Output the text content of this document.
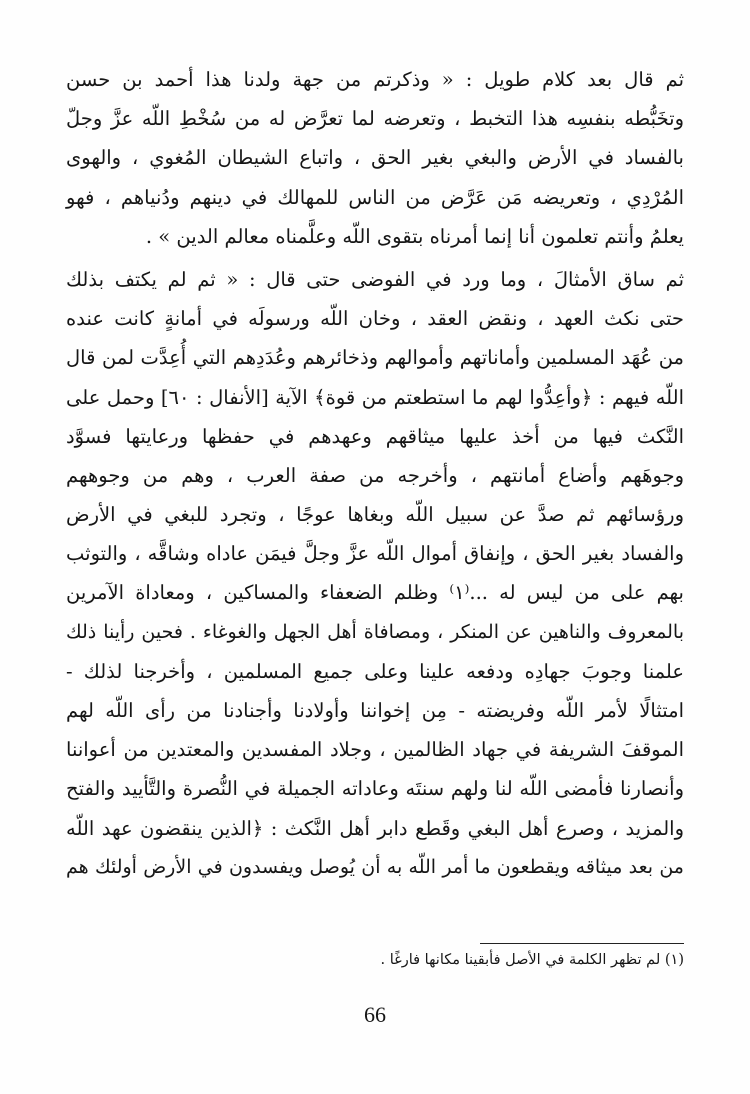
ثم قال بعد كلام طويل : « وذكرتم من جهة ولدنا هذا أحمد بن حسن
وتخَبُّطه بنفسِه هذا التخبط ، وتعرضه لما تعرَّض له من سُخْطِ اللّه عزَّ وجلّ
بالفساد في الأرض والبغي بغير الحق ، واتباع الشيطان المُغوي ، والهوى
المُرْدِي ، وتعريضه مَن عَرَّض من الناس للمهالك في دينهم ودُنياهم ، فهو
يعلمُ وأنتم تعلمون أنا إنما أمرناه بتقوى اللّه وعلَّمناه معالم الدين » .
ثم ساق الأمثالَ ، وما ورد في الفوضى حتى قال : « ثم لم يكتف بذلك
حتى نكث العهد ، ونقض العقد ، وخان اللّه ورسولَه في أمانةٍ كانت عنده
من عُهَد المسلمين وأماناتهم وأموالهم وذخائرهم وعُدَدِهم التي أُعِدَّت لمن قال
اللّه فيهم : ﴿وأعِدُّوا لهم ما استطعتم من قوة﴾ الآية [الأنفال : ٦٠] وحمل على
النَّكث فيها من أخذ عليها ميثاقهم وعهدهم في حفظها ورعايتها فسوَّد
وجوهَهم وأضاع أمانتهم ، وأخرجه من صفة العرب ، وهم من وجوههم
ورؤسائهم ثم صدَّ عن سبيل اللّه وبغاها عوجًا ، وتجرد للبغي في الأرض
والفساد بغير الحق ، وإنفاق أموال اللّه عزَّ وجلَّ فيمَن عاداه وشاقَّه ، والتوثب
بهم على من ليس له ...⁽١⁾ وظلم الضعفاء والمساكين ، ومعاداة الآمرين
بالمعروف والناهين عن المنكر ، ومصافاة أهل الجهل والغوغاء . فحين رأينا ذلك
علمنا وجوبَ جهادِه ودفعه علينا وعلى جميع المسلمين ، وأخرجنا لذلك -
امتثالًا لأمر اللّه وفريضته - مِن إخواننا وأولادنا وأجنادنا من رأى اللّه لهم
الموقفَ الشريفة في جهاد الظالمين ، وجلاد المفسدين والمعتدين من أعواننا
وأنصارنا فأمضى اللّه لنا ولهم سنتَه وعاداته الجميلة في النُّصرة والتَّأييد والفتح
والمزيد ، وصرع أهل البغي وقَطع دابر أهل النَّكث : ﴿الذين ينقضون عهد اللّه
من بعد ميثاقه ويقطعون ما أمر اللّه به أن يُوصل ويفسدون في الأرض أولئك هم
(١) لم تظهر الكلمة في الأصل فأبقينا مكانها فارغًا .
66
